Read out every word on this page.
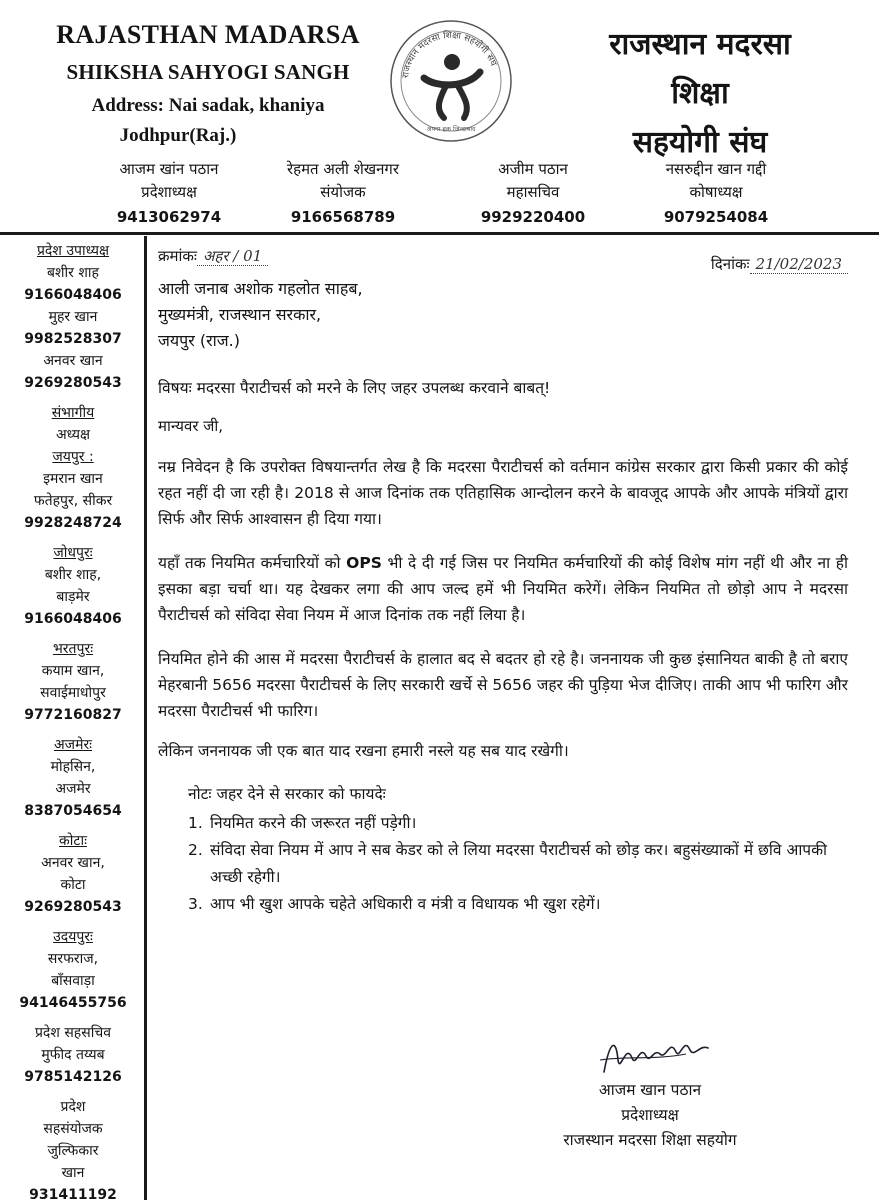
RAJASTHAN MADARSA
SHIKSHA SAHYOGI SANGH
Address: Nai sadak, khaniya
Jodhpur(Raj.)
राजस्थान मदरसा शिक्षा सहयोगी संघ
अपना हक जिन्दाबाद
राजस्थान मदरसा
शिक्षा
सहयोगी संघ
आजम खांन पठान
प्रदेशाध्यक्ष
9413062974
रेहमत अली शेखनगर
संयोजक
9166568789
अजीम पठान
महासचिव
9929220400
नसरुद्दीन खान गद्दी
कोषाध्यक्ष
9079254084
प्रदेश उपाध्यक्ष
बशीर शाह
9166048406
मुहर खान
9982528307
अनवर खान
9269280543
संभागीय
अध्यक्ष
जयपुर :
इमरान खान
फतेहपुर, सीकर
9928248724
जोधपुरः
बशीर शाह,
बाड़मेर
9166048406
भरतपुरः
कयाम खान,
सवाईमाधोपुर
9772160827
अजमेरः
मोहसिन,
अजमेर
8387054654
कोटाः
अनवर खान,
कोटा
9269280543
उदयपुरः
सरफराज,
बाँसवाड़ा
94146455756
प्रदेश सहसचिव
मुफीद तय्यब
9785142126
प्रदेश
सहसंयोजक
जुल्फिकार
खान
931411192
क्रमांकः अहर / 01	दिनांकः 21/02/2023
आली जनाब अशोक गहलोत साहब,
मुख्यमंत्री, राजस्थान सरकार,
जयपुर (राज.)
विषयः मदरसा पैराटीचर्स को मरने के लिए जहर उपलब्ध करवाने बाबत्!
मान्यवर जी,

नम्र निवेदन है कि उपरोक्त विषयान्तर्गत लेख है कि मदरसा पैराटीचर्स को वर्तमान कांग्रेस सरकार द्वारा किसी प्रकार की कोई रहत नहीं दी जा रही है। 2018 से आज दिनांक तक एतिहासिक आन्दोलन करने के बावजूद आपके और आपके मंत्रियों द्वारा सिर्फ और सिर्फ आश्वासन ही दिया गया।

यहाँ तक नियमित कर्मचारियों को OPS भी दे दी गई जिस पर नियमित कर्मचारियों की कोई विशेष मांग नहीं थी और ना ही इसका बड़ा चर्चा था। यह देखकर लगा की आप जल्द हमें भी नियमित करेगें। लेकिन नियमित तो छोड़ो आप ने मदरसा पैराटीचर्स को संविदा सेवा नियम में आज दिनांक तक नहीं लिया है।

नियमित होने की आस में मदरसा पैराटीचर्स के हालात बद से बदतर हो रहे है। जननायक जी कुछ इंसानियत बाकी है तो बराए मेहरबानी 5656 मदरसा पैराटीचर्स के लिए सरकारी खर्चे से 5656 जहर की पुड़िया भेज दीजिए। ताकी आप भी फारिग और मदरसा पैराटीचर्स भी फारिग।

लेकिन जननायक जी एक बात याद रखना हमारी नस्ले यह सब याद रखेगी।

नोटः जहर देने से सरकार को फायदेः
1. नियमित करने की जरूरत नहीं पड़ेगी।
2. संविदा सेवा नियम में आप ने सब केडर को ले लिया मदरसा पैराटीचर्स को छोड़ कर। बहुसंख्याकों में छवि आपकी अच्छी रहेगी।
3. आप भी खुश आपके चहेते अधिकारी व मंत्री व विधायक भी खुश रहेगें।
आजम खान पठान
प्रदेशाध्यक्ष
राजस्थान मदरसा शिक्षा सहयोग
